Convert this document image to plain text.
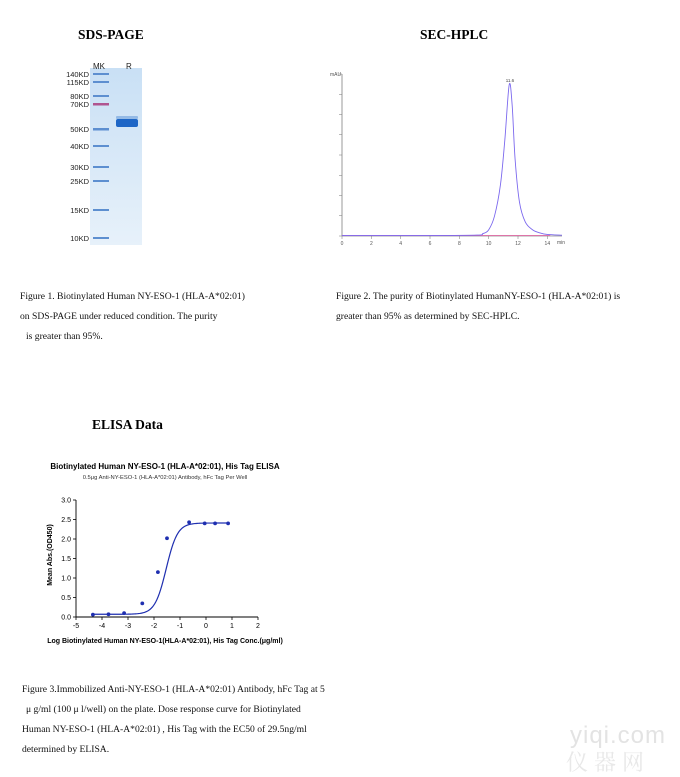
SDS-PAGE
MK	R
140KD
115KD
80KD
70KD
50KD
40KD
30KD
25KD
15KD
10KD
Figure 1. Biotinylated Human NY-ESO-1 (HLA-A*02:01)
on SDS-PAGE under reduced condition. The purity
is greater than 95%.
SEC-HPLC
mAU
min
0	2	4	6	8	10	12	14
11.6
Figure 2. The purity of Biotinylated HumanNY-ESO-1 (HLA-A*02:01) is
greater than 95% as determined by SEC-HPLC.
ELISA Data
Biotinylated Human NY-ESO-1 (HLA-A*02:01), His Tag ELISA
0.5μg Anti-NY-ESO-1 (HLA-A*02:01) Antibody, hFc Tag Per Well
Log Biotinylated Human NY-ESO-1(HLA-A*02:01), His Tag Conc.(μg/ml)
Mean Abs.(OD450)
0.0
0.5
1.0
1.5
2.0
2.5
3.0
-5	-4	-3	-2	-1	0	1	2
Figure 3.Immobilized Anti-NY-ESO-1 (HLA-A*02:01) Antibody, hFc Tag at 5
μ g/ml (100 μ l/well) on the plate. Dose response curve for Biotinylated
Human NY-ESO-1 (HLA-A*02:01) , His Tag with the EC50 of 29.5ng/ml
determined by ELISA.
yiqi.com
仪器网
